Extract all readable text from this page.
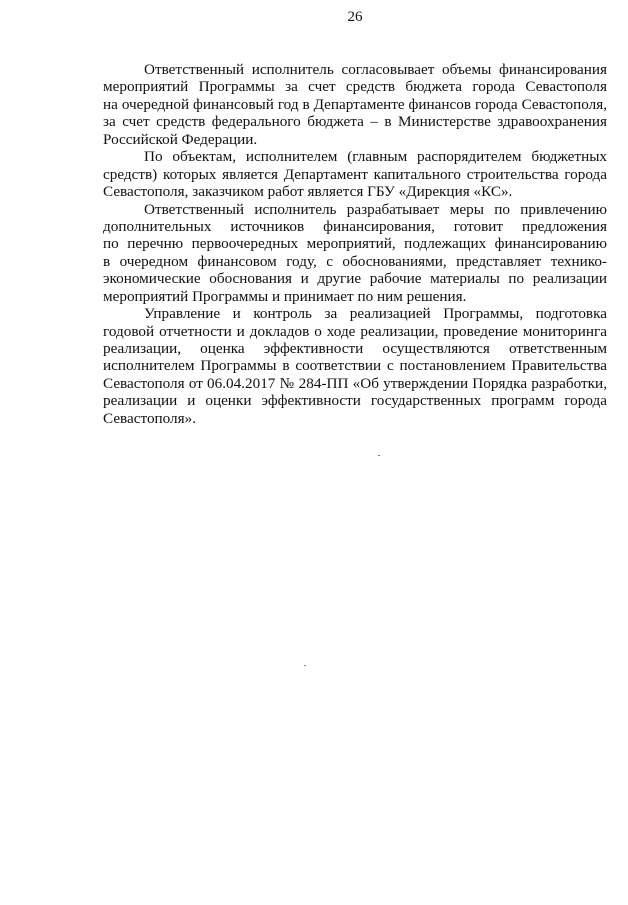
26
Ответственный исполнитель согласовывает объемы финансирования
мероприятий Программы за счет средств бюджета города Севастополя
на очередной финансовый год в Департаменте финансов города Севастополя,
за счет средств федерального бюджета – в Министерстве здравоохранения
Российской Федерации.
По объектам, исполнителем (главным распорядителем бюджетных
средств) которых является Департамент капитального строительства города
Севастополя, заказчиком работ является ГБУ «Дирекция «КС».
Ответственный исполнитель разрабатывает меры по привлечению
дополнительных источников финансирования, готовит предложения
по перечню первоочередных мероприятий, подлежащих финансированию
в очередном финансовом году, с обоснованиями, представляет технико-
экономические обоснования и другие рабочие материалы по реализации
мероприятий Программы и принимает по ним решения.
Управление и контроль за реализацией Программы, подготовка
годовой отчетности и докладов о ходе реализации, проведение мониторинга
реализации, оценка эффективности осуществляются ответственным
исполнителем Программы в соответствии с постановлением Правительства
Севастополя от 06.04.2017 № 284-ПП «Об утверждении Порядка разработки,
реализации и оценки эффективности государственных программ города
Севастополя».
